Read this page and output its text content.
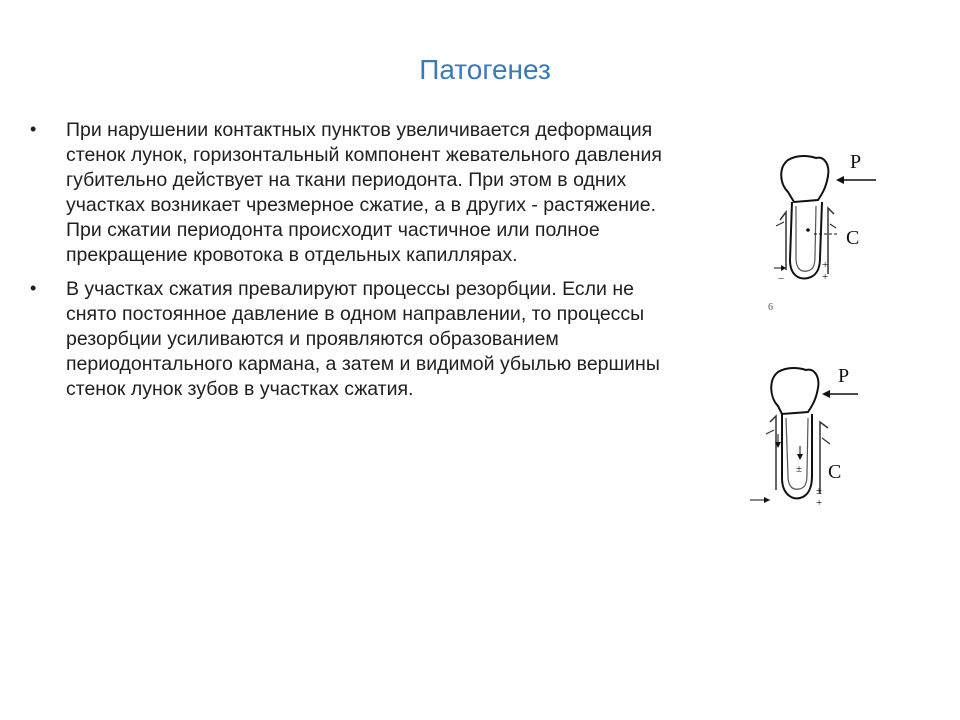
Патогенез
• При нарушении контактных пунктов увеличивается деформация стенок лунок, горизонтальный компонент жевательного давления губительно действует на ткани периодонта. При этом в одних участках возникает чрезмерное сжатие, а в других - растяжение. При сжатии периодонта происходит частичное или полное прекращение кровотока в отдельных капиллярах.
• В участках сжатия превалируют процессы резорбции. Если не снято постоянное давление в одном направлении, то процессы резорбции усиливаются и проявляются образованием периодонтального кармана, а затем и видимой убылью вершины стенок лунок зубов в участках сжатия.
P
C
−
+
+
6
±
P
C
±
+
